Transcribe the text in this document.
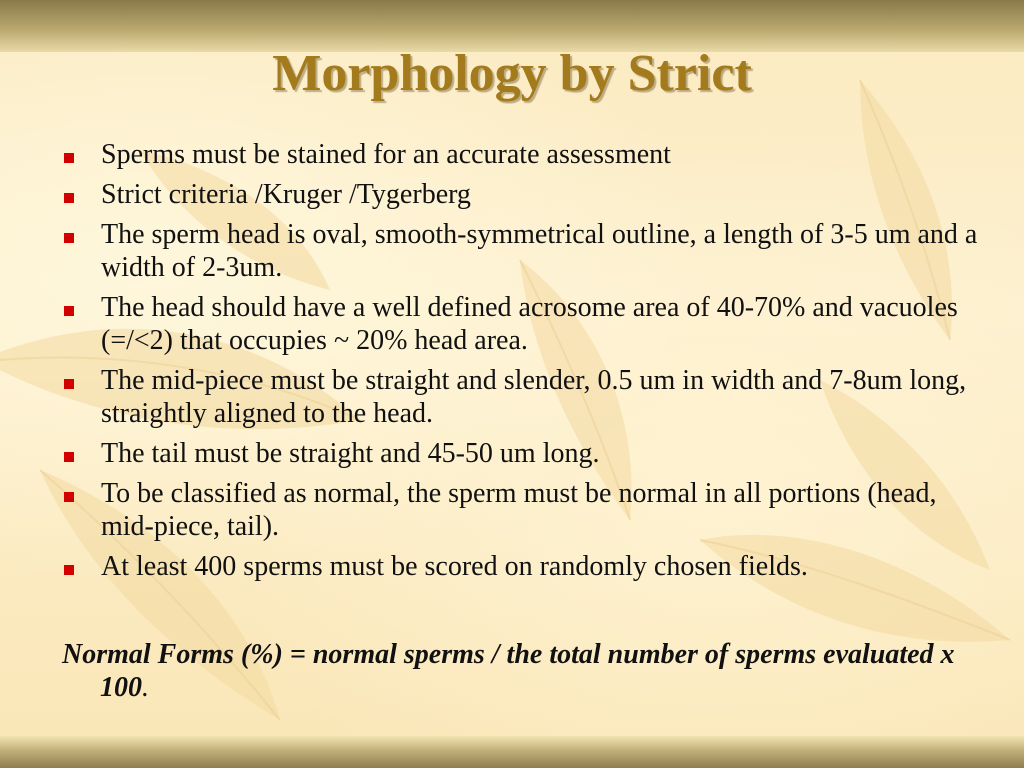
Morphology by Strict
Sperms must be stained for an accurate assessment
Strict criteria /Kruger /Tygerberg
The sperm head is oval, smooth-symmetrical outline, a length of 3-5 um and a width of 2-3um.
The head should have a well defined acrosome area of 40-70% and vacuoles (=/<2) that occupies ~ 20% head area.
The mid-piece must be straight and slender, 0.5 um in width and 7-8um long, straightly aligned to the head.
The tail must be straight and 45-50 um long.
To be classified as normal, the sperm must be normal in all portions (head, mid-piece, tail).
At least 400 sperms must be scored on randomly chosen fields.
Normal Forms (%) = normal sperms / the total number of sperms evaluated x 100.
